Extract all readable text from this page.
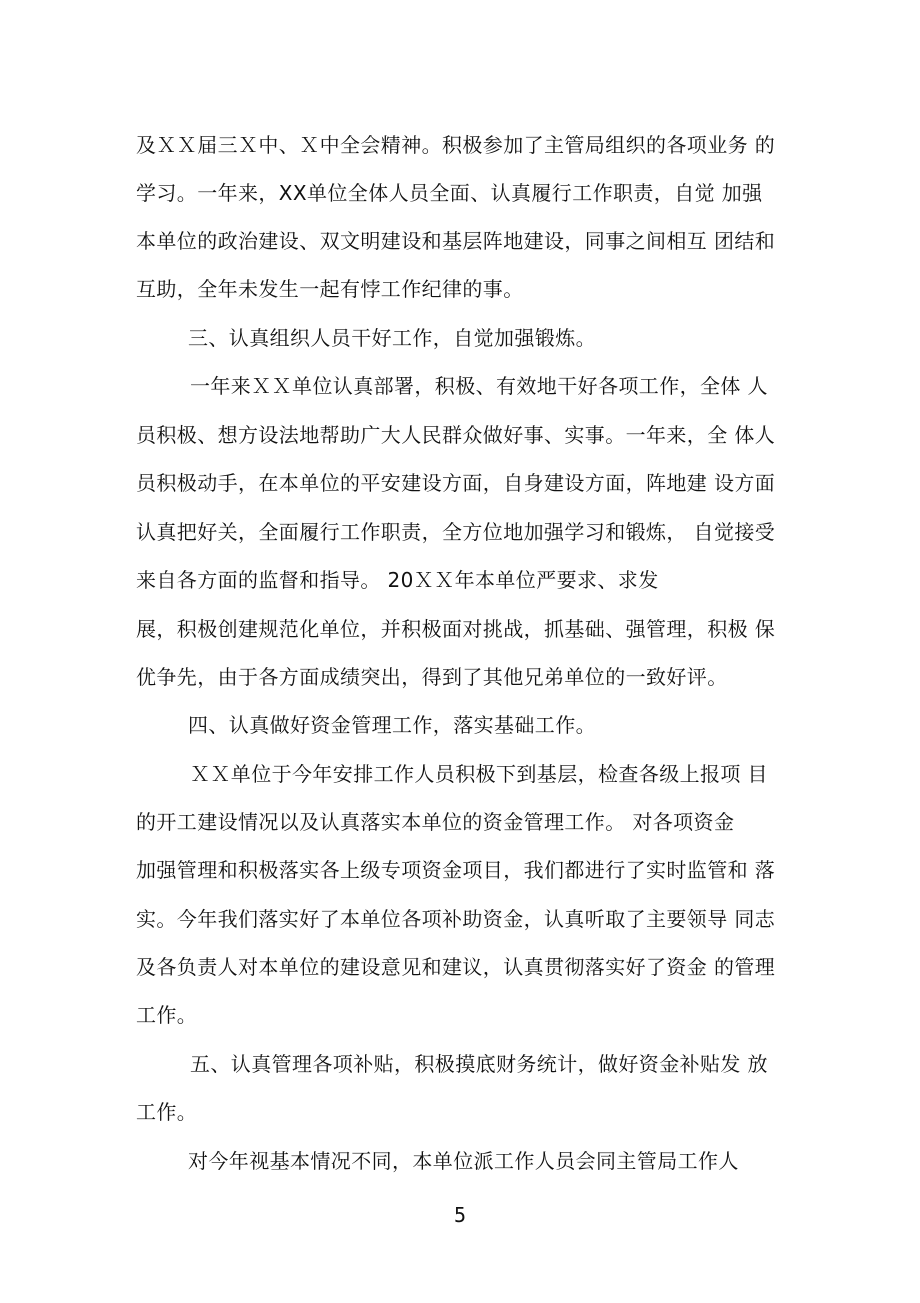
及ＸＸ届三Ｘ中、Ｘ中全会精神。积极参加了主管局组织的各项业务 的
学习。一年来，XX单位全体人员全面、认真履行工作职责，自觉 加强
本单位的政治建设、双文明建设和基层阵地建设，同事之间相互 团结和
互助，全年未发生一起有悖工作纪律的事。
三、认真组织人员干好工作，自觉加强锻炼。
一年来ＸＸ单位认真部署，积极、有效地干好各项工作，全体 人
员积极、想方设法地帮助广大人民群众做好事、实事。一年来，全 体人
员积极动手，在本单位的平安建设方面，自身建设方面，阵地建 设方面
认真把好关，全面履行工作职责，全方位地加强学习和锻炼， 自觉接受
来自各方面的监督和指导。 20ＸＸ年本单位严要求、求发
展，积极创建规范化单位，并积极面对挑战，抓基础、强管理，积极 保
优争先，由于各方面成绩突出，得到了其他兄弟单位的一致好评。
四、认真做好资金管理工作，落实基础工作。
ＸＸ单位于今年安排工作人员积极下到基层，检查各级上报项 目
的开工建设情况以及认真落实本单位的资金管理工作。 对各项资金
加强管理和积极落实各上级专项资金项目，我们都进行了实时监管和 落
实。今年我们落实好了本单位各项补助资金，认真听取了主要领导 同志
及各负责人对本单位的建设意见和建议，认真贯彻落实好了资金 的管理
工作。
五、认真管理各项补贴，积极摸底财务统计，做好资金补贴发 放
工作。
对今年视基本情况不同，本单位派工作人员会同主管局工作人
5
